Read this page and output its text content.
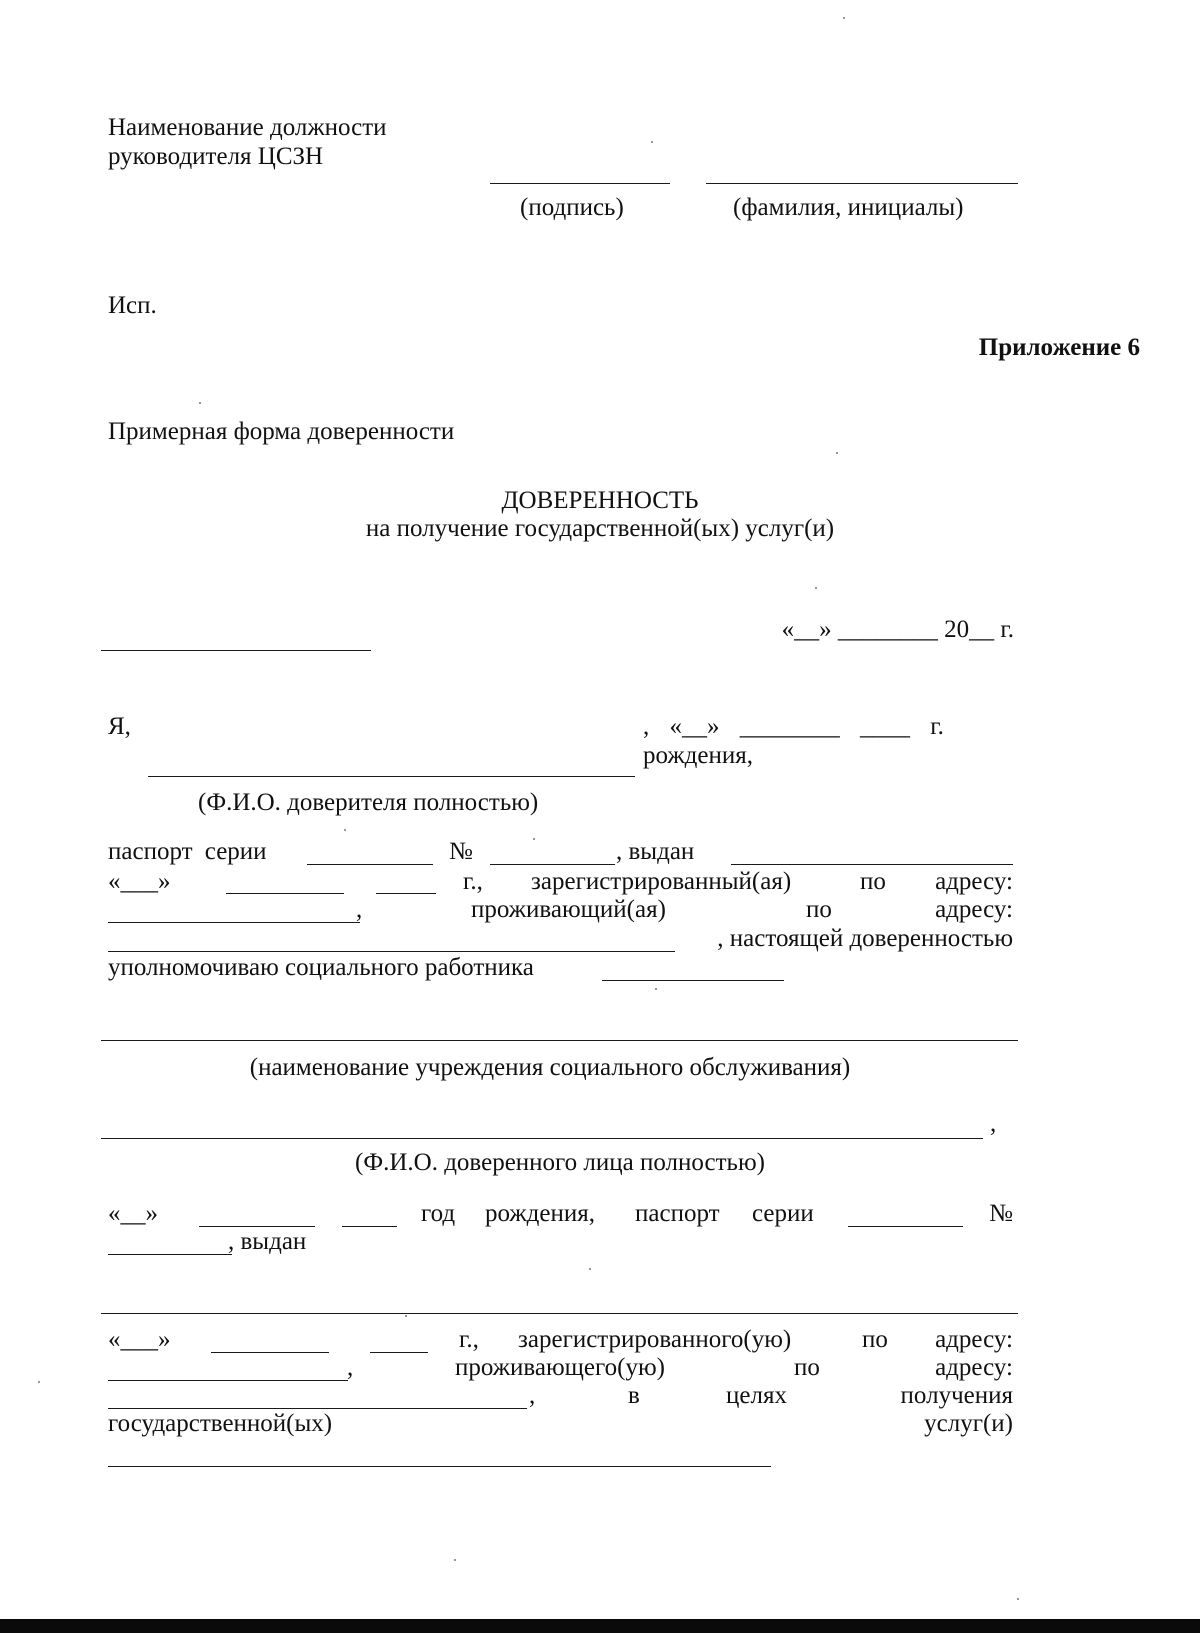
Наименование должности
руководителя ЦСЗН
(подпись)	(фамилия, инициалы)
Исп.
Приложение 6
Примерная форма доверенности
ДОВЕРЕННОСТЬ
на получение государственной(ых) услуг(и)
«__» ________ 20__ г.
Я,	, «__» ________ ____ г.
рождения,
(Ф.И.О. доверителя полностью)
паспорт серии	№	, выдан
«___»	г., зарегистрированный(ая)	по адресу:
,	проживающий(ая)	по	адресу:
, настоящей доверенностью
уполномочиваю социального работника
(наименование учреждения социального обслуживания)
,
(Ф.И.О. доверенного лица полностью)
«__»	год рождения, паспорт серии	№
, выдан
«___»	г., зарегистрированного(ую)	по адресу:
,	проживающего(ую)	по	адресу:
,	в	целях	получения
государственной(ых)	услуг(и)
